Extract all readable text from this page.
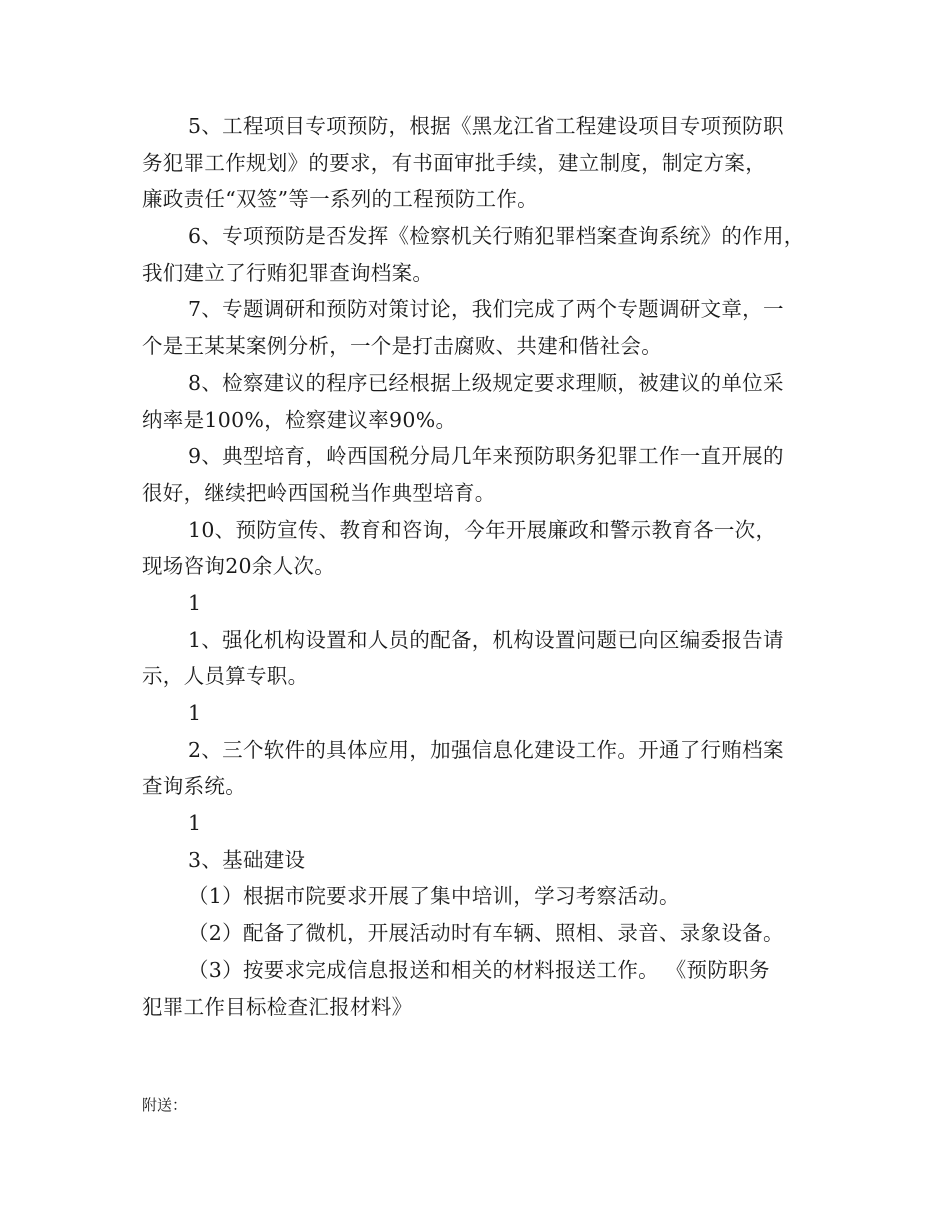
5、工程项目专项预防，根据《黑龙江省工程建设项目专项预防职
务犯罪工作规划》的要求，有书面审批手续，建立制度，制定方案，
廉政责任“双签”等一系列的工程预防工作。
6、专项预防是否发挥《检察机关行贿犯罪档案查询系统》的作用，
我们建立了行贿犯罪查询档案。
7、专题调研和预防对策讨论，我们完成了两个专题调研文章，一
个是王某某案例分析，一个是打击腐败、共建和偕社会。
8、检察建议的程序已经根据上级规定要求理顺，被建议的单位采
纳率是100%，检察建议率90%。
9、典型培育，岭西国税分局几年来预防职务犯罪工作一直开展的
很好，继续把岭西国税当作典型培育。
10、预防宣传、教育和咨询，今年开展廉政和警示教育各一次，
现场咨询20余人次。
1
1、强化机构设置和人员的配备，机构设置问题已向区编委报告请
示，人员算专职。
1
2、三个软件的具体应用，加强信息化建设工作。开通了行贿档案
查询系统。
1
3、基础建设
（1）根据市院要求开展了集中培训，学习考察活动。
（2）配备了微机，开展活动时有车辆、照相、录音、录象设备。
（3）按要求完成信息报送和相关的材料报送工作。 《预防职务
犯罪工作目标检查汇报材料》
附送：
